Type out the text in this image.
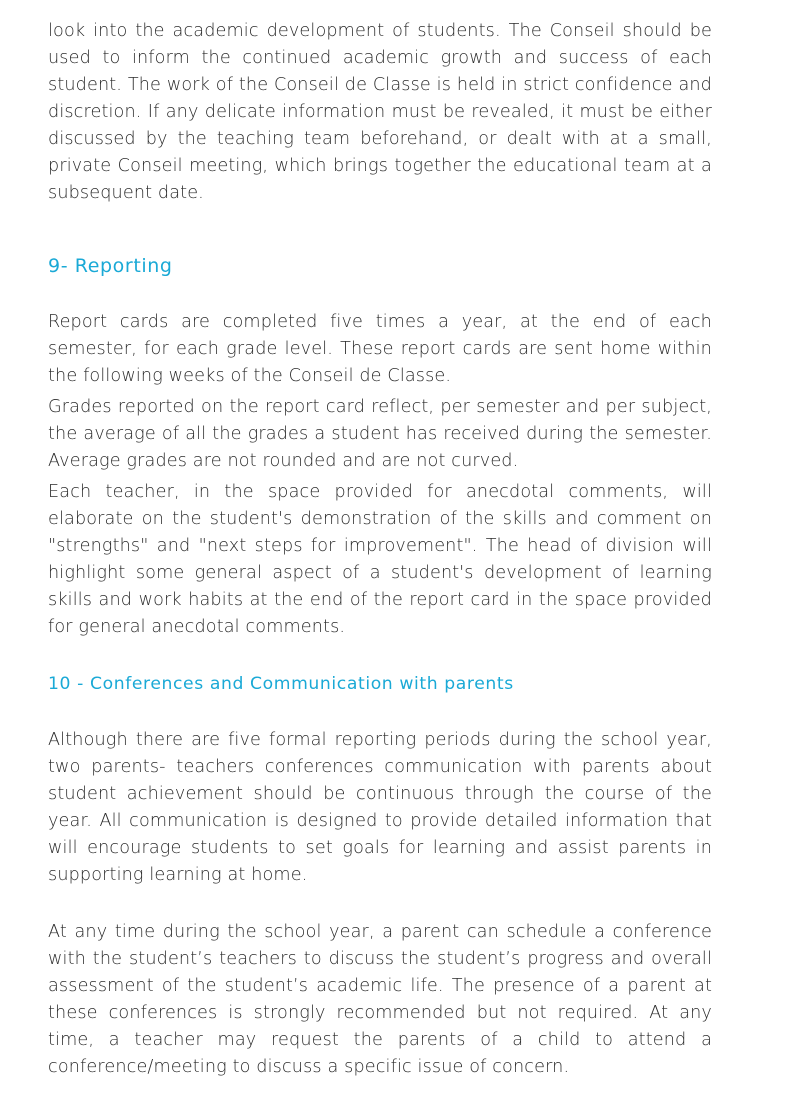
look into the academic development of students. The Conseil should be used to inform the continued academic growth and success of each student. The work of the Conseil de Classe is held in strict confidence and discretion. If any delicate information must be revealed, it must be either discussed by the teaching team beforehand, or dealt with at a small, private Conseil meeting, which brings together the educational team at a subsequent date.

9- Reporting

Report cards are completed five times a year, at the end of each semester, for each grade level. These report cards are sent home within the following weeks of the Conseil de Classe.

Grades reported on the report card reflect, per semester and per subject, the average of all the grades a student has received during the semester. Average grades are not rounded and are not curved.

Each teacher, in the space provided for anecdotal comments, will elaborate on the student's demonstration of the skills and comment on "strengths" and "next steps for improvement". The head of division will highlight some general aspect of a student's development of learning skills and work habits at the end of the report card in the space provided for general anecdotal comments.

10 - Conferences and Communication with parents

Although there are five formal reporting periods during the school year, two parents- teachers conferences communication with parents about student achievement should be continuous through the course of the year. All communication is designed to provide detailed information that will encourage students to set goals for learning and assist parents in supporting learning at home.

At any time during the school year, a parent can schedule a conference with the student’s teachers to discuss the student’s progress and overall assessment of the student’s academic life. The presence of a parent at these conferences is strongly recommended but not required. At any time, a teacher may request the parents of a child to attend a conference/meeting to discuss a specific issue of concern.
